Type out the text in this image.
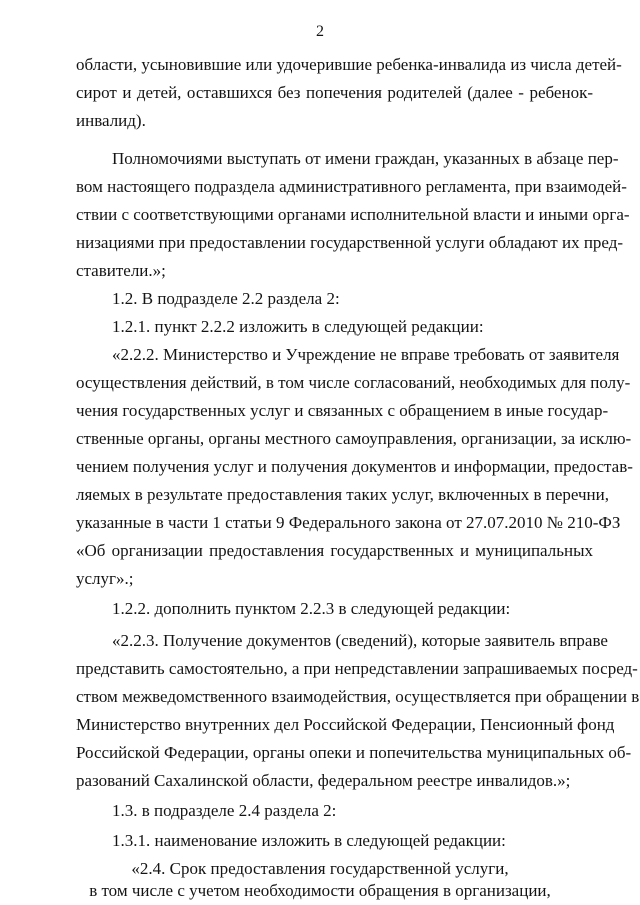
2
области, усыновившие или удочерившие ребенка-инвалида из числа детей-
сирот и детей, оставшихся без попечения родителей (далее - ребенок-
инвалид).
Полномочиями выступать от имени граждан, указанных в абзаце пер-
вом настоящего подраздела административного регламента, при взаимодей-
ствии с соответствующими органами исполнительной власти и иными орга-
низациями при предоставлении государственной услуги обладают их пред-
ставители.»;
1.2. В подразделе 2.2 раздела 2:
1.2.1. пункт 2.2.2 изложить в следующей редакции:
«2.2.2. Министерство и Учреждение не вправе требовать от заявителя
осуществления действий, в том числе согласований, необходимых для полу-
чения государственных услуг и связанных с обращением в иные государ-
ственные органы, органы местного самоуправления, организации, за исклю-
чением получения услуг и получения документов и информации, предостав-
ляемых в результате предоставления таких услуг, включенных в перечни,
указанные в части 1 статьи 9 Федерального закона от 27.07.2010 № 210-ФЗ
«Об организации предоставления государственных и муниципальных
услуг».;
1.2.2. дополнить пунктом 2.2.3 в следующей редакции:
«2.2.3. Получение документов (сведений), которые заявитель вправе
представить самостоятельно, а при непредставлении запрашиваемых посред-
ством межведомственного взаимодействия, осуществляется при обращении в
Министерство внутренних дел Российской Федерации, Пенсионный фонд
Российской Федерации, органы опеки и попечительства муниципальных об-
разований Сахалинской области, федеральном реестре инвалидов.»;
1.3. в подразделе 2.4 раздела 2:
1.3.1. наименование изложить в следующей редакции:
«2.4. Срок предоставления государственной услуги,
в том числе с учетом необходимости обращения в организации,
